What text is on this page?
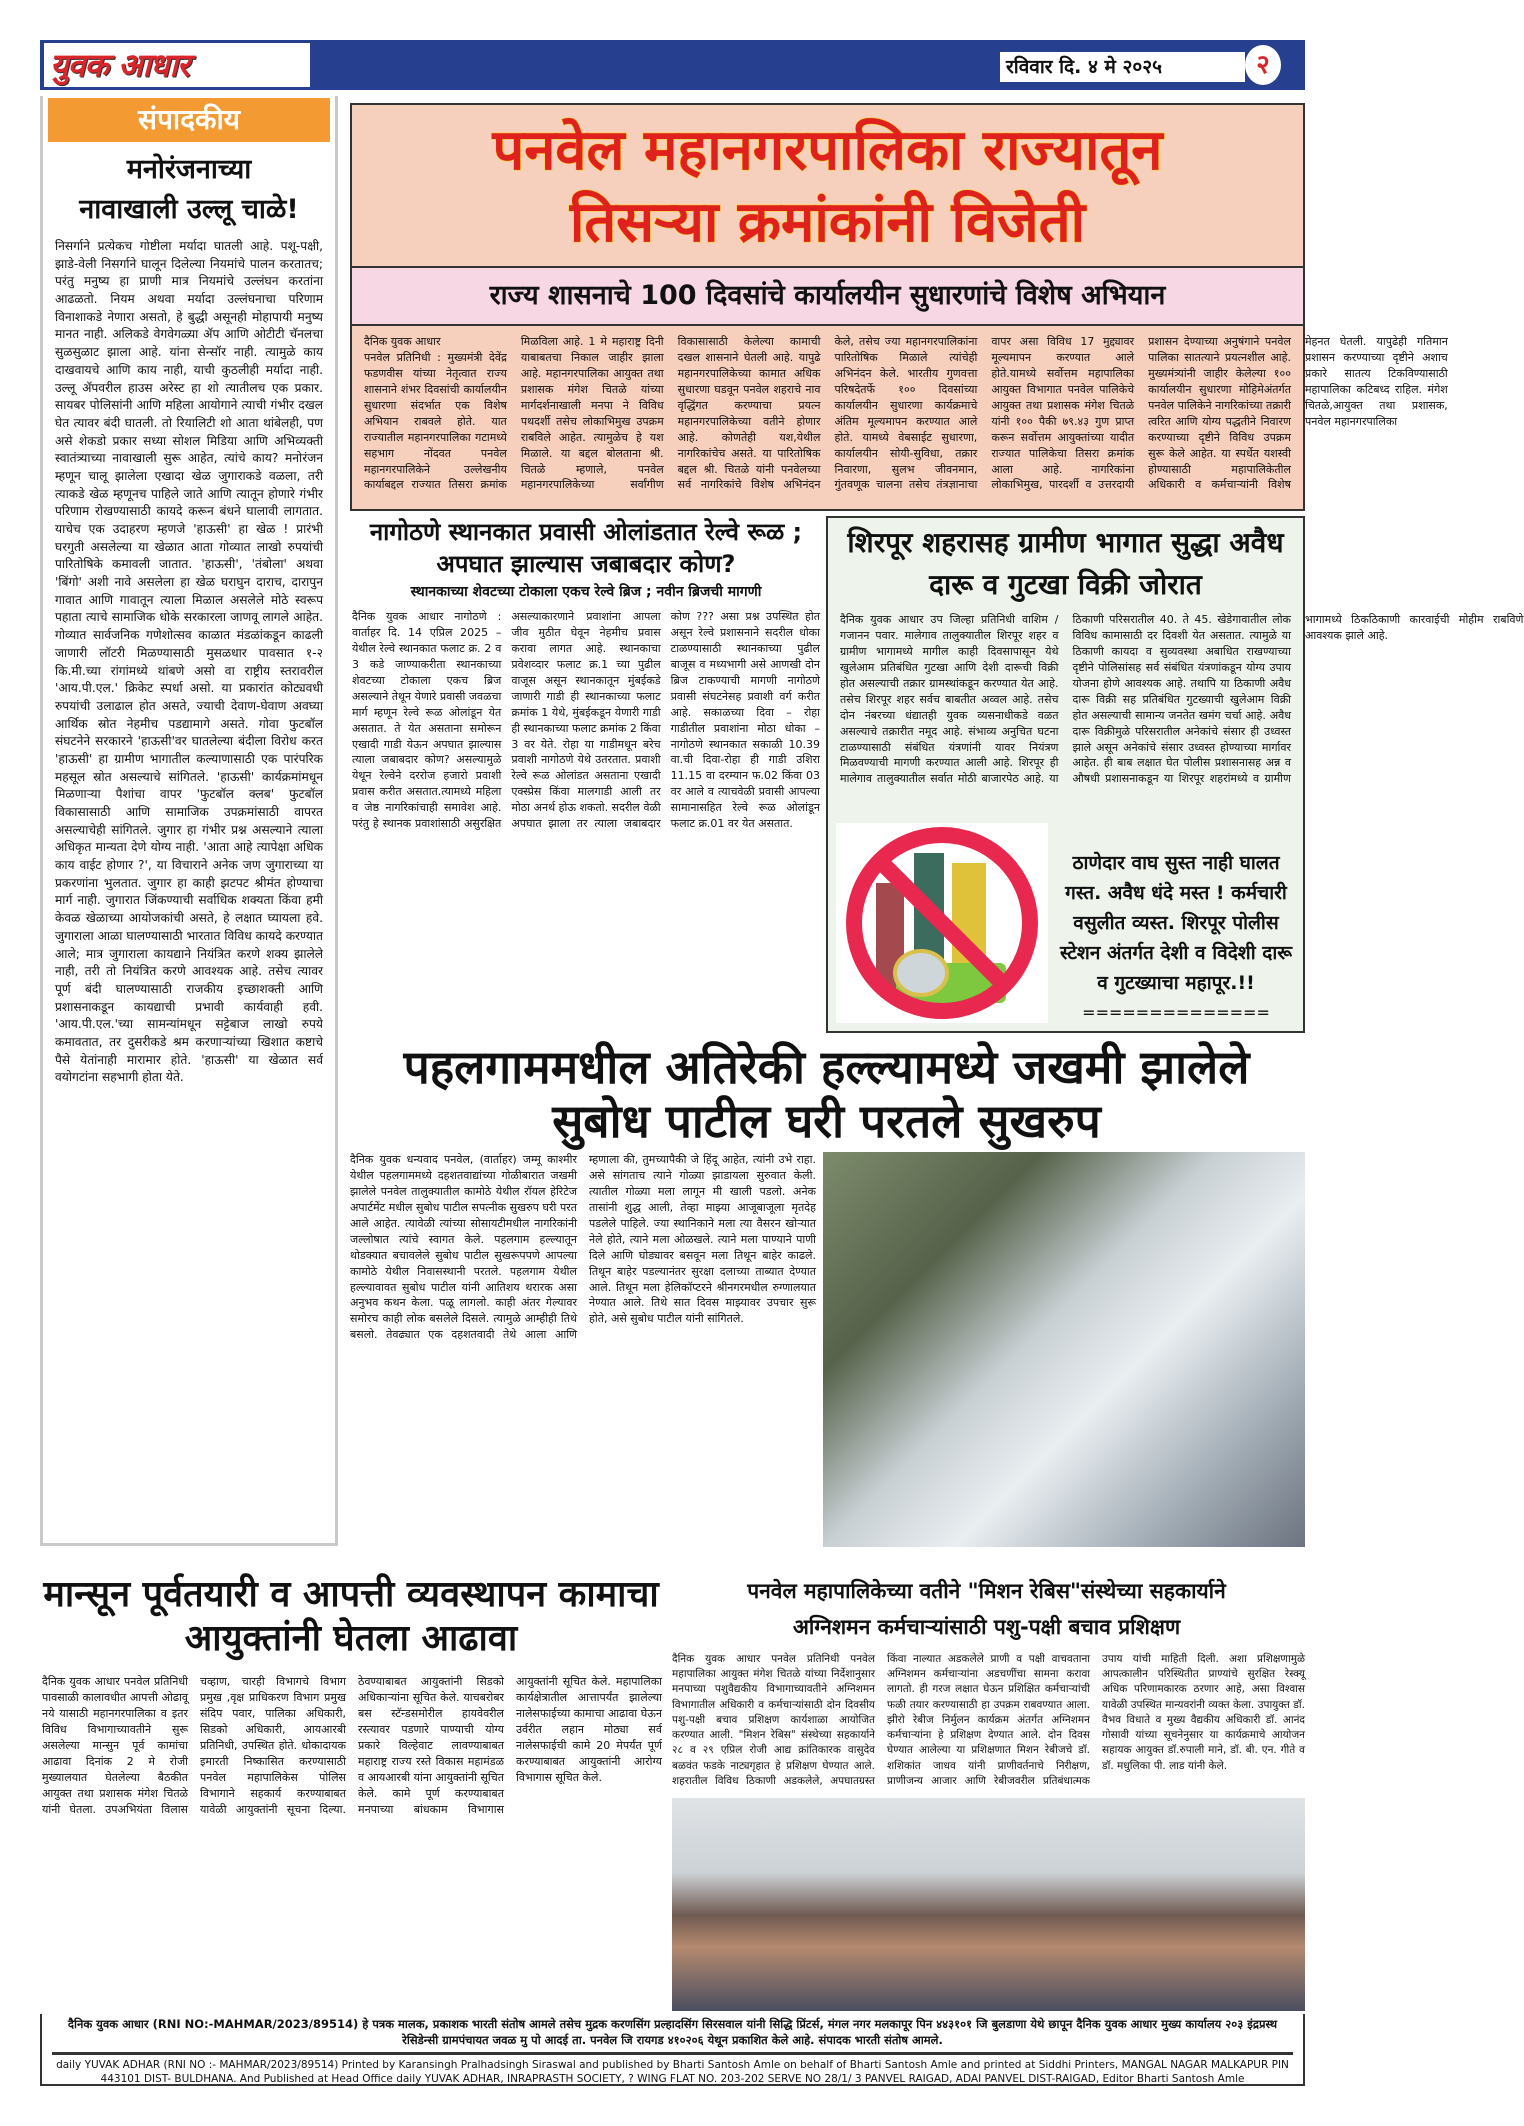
युवक आधार	रविवार दि. ४ मे २०२५	२
संपादकीय
मनोरंजनाच्या
नावाखाली उल्लू चाळे!
निसर्गाने प्रत्येकच गोष्टीला मर्यादा घातली आहे. पशू-पक्षी, झाडे-वेली निसर्गाने घालून दिलेल्या नियमांचे पालन करतातच; परंतु मनुष्य हा प्राणी मात्र नियमांचे उल्लंघन करतांना आढळतो. नियम अथवा मर्यादा उल्लंघनाचा परिणाम विनाशाकडे नेणारा असतो, हे बुद्धी असूनही मोहापायी मनुष्य मानत नाही. अलिकडे वेगवेगळ्या ॲप आणि ओटीटी चॅनलचा सुळसुळाट झाला आहे. यांना सेन्सॉर नाही. त्यामुळे काय दाखवायचे आणि काय नाही, याची कुठलीही मर्यादा नाही. उल्लू ॲपवरील हाउस अरेस्ट हा शो त्यातीलच एक प्रकार. सायबर पोलिसांनी आणि महिला आयोगाने त्याची गंभीर दखल घेत त्यावर बंदी घातली. तो रियालिटी शो आता थांबेलही, पण असे शेकडो प्रकार सध्या सोशल मिडिया आणि अभिव्यक्ती स्वातंत्र्याच्या नावाखाली सुरू आहेत, त्यांचे काय? मनोरंजन म्हणून चालू झालेला एखादा खेळ जुगाराकडे वळला, तरी त्याकडे खेळ म्हणूनच पाहिले जाते आणि त्यातून होणारे गंभीर परिणाम रोखण्यासाठी कायदे करून बंधने घालावी लागतात. याचेच एक उदाहरण म्हणजे 'हाऊसी' हा खेळ ! प्रारंभी घरगुती असलेल्या या खेळात आता गोव्यात लाखो रुपयांची पारितोषिके कमावली जातात. 'हाऊसी', 'तंबोला' अथवा 'बिंगो' अशी नावे असलेला हा खेळ घराघुन दाराच, दारापुन गावात आणि गावातून त्याला मिळाल असलेले मोठे स्वरूप पहाता त्याचे सामाजिक धोके सरकारला जाणवू लागले आहेत. गोव्यात सार्वजनिक गणेशोत्सव काळात मंडळांकडून काढली जाणारी लॉटरी मिळण्यासाठी मुसळधार पावसात १-२ कि.मी.च्या रांगांमध्ये थांबणे असो वा राष्ट्रीय स्तरावरील 'आय.पी.एल.' क्रिकेट स्पर्धा असो. या प्रकारांत कोट्यवधी रुपयांची उलाढाल होत असते, ज्याची देवाण-घेवाण अवघ्या आर्थिक स्रोत नेहमीच पडद्यामागे असते. गोवा फुटबॉल संघटनेने सरकारने 'हाऊसी'वर घातलेल्या बंदीला विरोध करत 'हाऊसी' हा ग्रामीण भागातील कल्याणासाठी एक पारंपरिक महसूल स्रोत असल्याचे सांगितले. 'हाऊसी' कार्यक्रमांमधून मिळणाऱ्या पैशांचा वापर 'फुटबॉल क्लब' फुटबॉल विकासासाठी आणि सामाजिक उपक्रमांसाठी वापरत असल्याचेही सांगितले. जुगार हा गंभीर प्रश्न असल्याने त्याला अधिकृत मान्यता देणे योग्य नाही. 'आता आहे त्यापेक्षा अधिक काय वाईट होणार ?', या विचाराने अनेक जण जुगाराच्या या प्रकरणांना भुलतात. जुगार हा काही झटपट श्रीमंत होण्याचा मार्ग नाही. जुगारात जिंकण्याची सर्वाधिक शक्यता किंवा हमी केवळ खेळाच्या आयोजकांची असते, हे लक्षात घ्यायला हवे. जुगाराला आळा घालण्यासाठी भारतात विविध कायदे करण्यात आले; मात्र जुगाराला कायद्याने नियंत्रित करणे शक्य झालेले नाही, तरी तो नियंत्रित करणे आवश्यक आहे. तसेच त्यावर पूर्ण बंदी घालण्यासाठी राजकीय इच्छाशक्ती आणि प्रशासनाकडून कायद्याची प्रभावी कार्यवाही हवी. 'आय.पी.एल.'च्या सामन्यांमधून सट्टेबाज लाखो रुपये कमावतात, तर दुसरीकडे श्रम करणाऱ्यांच्या खिशात कष्टाचे पैसे येतांनाही मारामार होते. 'हाऊसी' या खेळात सर्व वयोगटांना सहभागी होता येते.
पनवेल महानगरपालिका राज्यातून
तिसऱ्या क्रमांकांनी विजेती
राज्य शासनाचे 100 दिवसांचे कार्यालयीन सुधारणांचे विशेष अभियान
दैनिक युवक आधार
पनवेल प्रतिनिधी : मुख्यमंत्री देवेंद्र फडणवीस यांच्या नेतृत्वात राज्य शासनाने शंभर दिवसांची कार्यालयीन सुधारणा संदर्भात एक विशेष अभियान राबवले होते. यात राज्यातील महानगरपालिका गटामध्ये सहभाग नोंदवत पनवेल महानगरपालिकेने उल्लेखनीय कार्याबद्दल राज्यात तिसरा क्रमांक मिळविला आहे. 1 मे महाराष्ट्र दिनी याबाबतचा निकाल जाहीर झाला आहे. महानगरपालिका आयुक्त तथा प्रशासक मंगेश चितळे यांच्या मार्गदर्शनाखाली मनपा ने विविध पथदर्शी तसेच लोकाभिमुख उपक्रम राबविले आहेत. त्यामुळेच हे यश मिळाले. या बद्दल बोलताना श्री. चितळे म्हणाले, पनवेल महानगरपालिकेच्या सर्वांगीण विकासासाठी केलेल्या कामाची दखल शासनाने घेतली आहे. यापुढे महानगरपालिकेच्या कामात अधिक सुधारणा घडवून पनवेल शहराचे नाव वृद्धिंगत करण्याचा प्रयत्न महानगरपालिकेच्या वतीने होणार आहे. कोणतेही यश,येथील नागरिकांचेच असते. या पारितोषिक बद्दल श्री. चितळे यांनी पनवेलच्या सर्व नागरिकांचे विशेष अभिनंदन केले, तसेच ज्या महानगरपालिकांना पारितोषिक मिळाले त्यांचेही अभिनंदन केले. भारतीय गुणवत्ता परिषदेतर्फे १०० दिवसांच्या कार्यालयीन सुधारणा कार्यक्रमाचे अंतिम मूल्यमापन करण्यात आले होते. यामध्ये वेबसाईट सुधारणा, कार्यालयीन सोयी-सुविधा, तक्रार निवारणा, सुलभ जीवनमान, गुंतवणूक चालना तसेच तंत्रज्ञानाचा वापर असा विविध 17 मुद्द्यावर मूल्यमापन करण्यात आले होते.यामध्ये सर्वोत्तम महापालिका आयुक्त विभागात पनवेल पालिकेचे आयुक्त तथा प्रशासक मंगेश चितळे यांनी १०० पैकी ७९.४३ गुण प्राप्त करून सर्वोत्तम आयुक्तांच्या यादीत राज्यात पालिकेचा तिसरा क्रमांक आला आहे. नागरिकांना लोकाभिमुख, पारदर्शी व उत्तरदायी प्रशासन देण्याच्या अनुषंगाने पनवेल पालिका सातत्याने प्रयत्नशील आहे. मुख्यमंत्र्यांनी जाहीर केलेल्या १०० कार्यालयीन सुधारणा मोहिमेअंतर्गत पनवेल पालिकेने नागरिकांच्या तक्रारी त्वरित आणि योग्य पद्धतीने निवारण करण्याच्या दृष्टीने विविध उपक्रम सुरू केले आहेत. या स्पर्धेत यशस्वी होण्यासाठी महापालिकेतील अधिकारी व कर्मचाऱ्यांनी विशेष मेहनत घेतली. यापुढेही गतिमान प्रशासन करण्याच्या दृष्टीने अशाच प्रकारे सातत्य टिकविण्यासाठी महापालिका कटिबध्द राहिल. मंगेश चितळे,आयुक्त तथा प्रशासक, पनवेल महानगरपालिका
नागोठणे स्थानकात प्रवासी ओलांडतात रेल्वे रूळ ; अपघात झाल्यास जबाबदार कोण?
स्थानकाच्या शेवटच्या टोकाला एकच रेल्वे ब्रिज ; नवीन ब्रिजची मागणी
दैनिक युवक आधार नागोठणे : वार्ताहर दि. 14 एप्रिल 2025 – येथील रेल्वे स्थानकात फलाट क्र. 2 व 3 कडे जाण्याकरीता स्थानकाच्या शेवटच्या टोकाला एकच ब्रिज असल्याने तेथून येणारे प्रवासी जवळचा मार्ग म्हणून रेल्वे रूळ ओलांडून येत असतात. ते येत असताना समोरून एखादी गाडी येऊन अपघात झाल्यास त्याला जबाबदार कोण? असल्यामुळे येथून रेल्वेने दररोज हजारो प्रवाशी प्रवास करीत असतात.त्यामध्ये महिला व जेष्ठ नागरिकांचाही समावेश आहे. परंतु हे स्थानक प्रवाशांसाठी असुरक्षित असल्याकारणाने प्रवाशांना आपला जीव मुठीत घेवून नेहमीच प्रवास करावा लागत आहे. स्थानकाचा प्रवेशव्दार फलाट क्र.1 च्या पुढील वाजूस असून स्थानकातून मुंबईकडे जाणारी गाडी ही स्थानकाच्या फलाट क्रमांक 1 येथे, मुंबईकडून येणारी गाडी ही स्थानकाच्या फलाट क्रमांक 2 किंवा 3 वर येते. रोहा या गाडीमधून बरेच प्रवाशी नागोठणे येथे उतरतात. प्रवाशी रेल्वे रूळ ओलांडत असताना एखादी एक्स्प्रेस किंवा मालगाडी आली तर मोठा अनर्थ होऊ शकतो. सदरील वेळी अपघात झाला तर त्याला जबाबदार कोण ??? असा प्रश्न उपस्थित होत असून रेल्वे प्रशासनाने सदरील धोका टाळण्यासाठी स्थानकाच्या पुढील बाजूस व मध्यभागी असे आणखी दोन ब्रिज टाकण्याची मागणी नागोठणे प्रवासी संघटनेसह प्रवाशी वर्ग करीत आहे. सकाळच्या दिवा – रोहा गाडीतील प्रवाशांना मोठा धोका – नागोठणे स्थानकात सकाळी 10.39 वा.ची दिवा-रोहा ही गाडी उशिरा 11.15 वा दरम्यान फ.02 किंवा 03 वर आले व त्याचवेळी प्रवासी आपल्या सामानासहित रेल्वे रूळ ओलांडून फलाट क्र.01 वर येत असतात.
शिरपूर शहरासह ग्रामीण भागात सुद्धा अवैध दारू व गुटखा विक्री जोरात
दैनिक युवक आधार उप जिल्हा प्रतिनिधी वाशिम / गजानन पवार. मालेगाव तालुक्यातील शिरपूर शहर व ग्रामीण भागामध्ये मागील काही दिवसापासून येथे खुलेआम प्रतिबंधित गुटखा आणि देशी दारूची विक्री होत असल्याची तक्रार ग्रामस्थांकडून करण्यात येत आहे. तसेच शिरपूर शहर सर्वच बाबतीत अव्वल आहे. तसेच दोन नंबरच्या धंद्यातही युवक व्यसनाधीकडे वळत असल्याचे तक्रारीत नमूद आहे. संभाव्य अनुचित घटना टाळण्यासाठी संबंधित यंत्रणांनी यावर नियंत्रण मिळवण्याची मागणी करण्यात आली आहे. शिरपूर ही मालेगाव तालुक्यातील सर्वात मोठी बाजारपेठ आहे. या ठिकाणी परिसरातील 40. ते 45. खेडेगावातील लोक विविध कामासाठी दर दिवशी येत असतात. त्यामुळे या ठिकाणी कायदा व सुव्यवस्था अबाधित राखण्याच्या दृष्टीने पोलिसांसह सर्व संबंधित यंत्रणांकडून योग्य उपाय योजना होणे आवश्यक आहे. तथापि या ठिकाणी अवैध दारू विक्री सह प्रतिबंधित गुटख्याची खुलेआम विक्री होत असल्याची सामान्य जनतेत खमंग चर्चा आहे. अवैध दारू विक्रीमुळे परिसरातील अनेकांचे संसार ही उध्वस्त झाले असून अनेकांचे संसार उध्वस्त होण्याच्या मार्गावर आहेत. ही बाब लक्षात घेत पोलीस प्रशासनासह अन्न व औषधी प्रशासनाकडून या शिरपूर शहरांमध्ये व ग्रामीण भागामध्ये ठिकठिकाणी कारवाईची मोहीम राबविणे आवश्यक झाले आहे.
ठाणेदार वाघ सुस्त नाही घालत गस्त. अवैध धंदे मस्त ! कर्मचारी वसुलीत व्यस्त. शिरपूर पोलीस स्टेशन अंतर्गत देशी व विदेशी दारू व गुटख्याचा महापूर.!!
==============
पहलगाममधील अतिरेकी हल्ल्यामध्ये जखमी झालेले सुबोध पाटील घरी परतले सुखरुप
दैनिक युवक धन्यवाद पनवेल, (वार्ताहर) जम्मू काश्मीर येथील पहलगाममध्ये दहशतवाद्यांच्या गोळीबारात जखमी झालेले पनवेल तालुक्यातील कामोठे येथील रॉयल हेरिटेज अपार्टमेंट मधील सुबोध पाटील सपत्नीक सुखरुप घरी परत आले आहेत. त्यावेळी त्यांच्या सोसायटीमधील नागरिकांनी जल्लोषात त्यांचे स्वागत केले. पहलगाम हल्ल्यातून थोडक्यात बचावलेले सुबोध पाटील सुखरूपपणे आपल्या कामोठे येथील निवासस्थानी परतले. पहलगाम येथील हल्ल्यावावत सुबोध पाटील यांनी आतिशय थरारक असा अनुभव कथन केला. पळू लागलो. काही अंतर गेल्यावर समोरच काही लोक बसलेले दिसले. त्यामुळे आम्हीही तिथे बसलो. तेवढ्यात एक दहशतवादी तेथे आला आणि म्हणाला की, तुमच्यापैकी जे हिंदू आहेत, त्यांनी उभे राहा. असे सांगताच त्याने गोळ्या झाडायला सुरुवात केली. त्यातील गोळ्या मला लागून मी खाली पडलो. अनेक तासांनी शुद्ध आली, तेव्हा माझ्या आजूबाजूला मृतदेह पडलेले पाहिले. ज्या स्थानिकाने मला त्या वैसरन खोऱ्यात नेले होते, त्याने मला ओळखले. त्याने मला पाण्याने पाणी दिले आणि घोड्यावर बसवून मला तिथून बाहेर काढले. तिथून बाहेर पडल्यानंतर सुरक्षा दलाच्या ताब्यात देण्यात आले. तिथून मला हेलिकॉप्टरने श्रीनगरमधील रुग्णालयात नेण्यात आले. तिथे सात दिवस माझ्यावर उपचार सुरू होते, असे सुबोध पाटील यांनी सांगितले.
मान्सून पूर्वतयारी व आपत्ती व्यवस्थापन कामाचा आयुक्तांनी घेतला आढावा
दैनिक युवक आधार पनवेल प्रतिनिधी पावसाळी कालावधीत आपत्ती ओढावू नये यासाठी महानगरपालिका व इतर विविध विभागाच्यावतीने सुरू असलेल्या मान्सुन पूर्व कामांचा आढावा दिनांक 2 मे रोजी मुख्यालयात घेतलेल्या बैठकीत आयुक्त तथा प्रशासक मंगेश चितळे यांनी घेतला. उपअभियंता विलास चव्हाण, चारही विभागचे विभाग प्रमुख ,वृक्ष प्राधिकरण विभाग प्रमुख संदिप पवार, पालिका अधिकारी, सिडको अधिकारी, आयआरबी प्रतिनिधी, उपस्थित होते. धोकादायक इमारती निष्कासित करण्यासाठी पनवेल महापालिकेस पोलिस विभागाने सहकार्य करण्याबाबत यावेळी आयुक्तांनी सूचना दिल्या. ठेवण्याबाबत आयुक्तांनी सिडको अधिकाऱ्यांना सूचित केले. याचबरोबर बस स्टॅन्डसमोरील हायवेवरील रस्त्यावर पडणारे पाण्याची योग्य प्रकारे विल्हेवाट लावण्याबाबत महाराष्ट्र राज्य रस्ते विकास महामंडळ व आयआरबी यांना आयुक्तांनी सूचित केले. कामे पूर्ण करण्याबाबत मनपाच्या बांधकाम विभागास आयुक्तांनी सूचित केले. महापालिका कार्यक्षेत्रातील आत्तापर्यंत झालेल्या नालेसफाईच्या कामाचा आढावा घेऊन उर्वरीत लहान मोठ्या सर्व नालेसफाईची कामे 20 मेपर्यंत पूर्ण करण्याबाबत आयुक्तांनी आरोग्य विभागास सूचित केले.
पनवेल महापालिकेच्या वतीने "मिशन रेबिस"संस्थेच्या सहकार्याने
अग्निशमन कर्मचाऱ्यांसाठी पशु-पक्षी बचाव प्रशिक्षण
दैनिक युवक आधार पनवेल प्रतिनिधी पनवेल महापालिका आयुक्त मंगेश चितळे यांच्या निर्देशानुसार मनपाच्या पशुवैद्यकीय विभागाच्यावतीने अग्निशमन विभागातील अधिकारी व कर्मचाऱ्यांसाठी दोन दिवसीय पशु-पक्षी बचाव प्रशिक्षण कार्यशाळा आयोजित करण्यात आली. "मिशन रेबिस" संस्थेच्या सहकार्याने २८ व २९ एप्रिल रोजी आद्य क्रांतिकारक वासुदेव बळवंत फडके नाट्यगृहात हे प्रशिक्षण घेण्यात आले. शहरातील विविध ठिकाणी अडकलेले, अपघातग्रस्त किंवा नाल्यात अडकलेले प्राणी व पक्षी वाचवताना अग्निशमन कर्मचाऱ्यांना अडचणींचा सामना करावा लागतो. ही गरज लक्षात घेऊन प्रशिक्षित कर्मचाऱ्यांची फळी तयार करण्यासाठी हा उपक्रम राबवण्यात आला. झीरो रेबीज निर्मुलन कार्यक्रम अंतर्गत अग्निशमन कर्मचाऱ्यांना हे प्रशिक्षण देण्यात आले. दोन दिवस घेण्यात आलेल्या या प्रशिक्षणात मिशन रेबीजचे डॉ. शशिकांत जाधव यांनी प्राणीवर्तनाचे निरीक्षण, प्राणीजन्य आजार आणि रेबीजवरील प्रतिबंधात्मक उपाय यांची माहिती दिली. अशा प्रशिक्षणामुळे आपत्कालीन परिस्थितीत प्राण्यांचे सुरक्षित रेस्क्यू अधिक परिणामकारक ठरणार आहे, असा विश्वास यावेळी उपस्थित मान्यवरांनी व्यक्त केला. उपायुक्त डॉ. वैभव विधाते व मुख्य वैद्यकीय अधिकारी डॉ. आनंद गोसावी यांच्या सूचनेनुसार या कार्यक्रमाचे आयोजन सहायक आयुक्त डॉ.रुपाली माने, डॉ. बी. एन. गीते व डॉ. मधुलिका पी. लाड यांनी केले.
दैनिक युवक आधार (RNI NO:-MAHMAR/2023/89514) हे पत्रक मालक, प्रकाशक भारती संतोष आमले तसेच मुद्रक करणसिंग प्रल्हादसिंग सिरसवाल यांनी सिद्धि प्रिंटर्स, मंगल नगर मलकापूर पिन ४४३१०१ जि बुलडाणा येथे छापून दैनिक युवक आधार मुख्य कार्यालय २०३ इंद्रप्रस्थ रेसिडेन्सी ग्रामपंचायत जवळ मु पो आदई ता. पनवेल जि रायगड ४१०२०६ येथून प्रकाशित केले आहे. संपादक भारती संतोष आमले.
daily YUVAK ADHAR (RNI NO :- MAHMAR/2023/89514) Printed by Karansingh Pralhadsingh Siraswal and published by Bharti Santosh Amle on behalf of Bharti Santosh Amle and printed at Siddhi Printers, MANGAL NAGAR MALKAPUR PIN 443101 DIST- BULDHANA. And Published at Head Office daily YUVAK ADHAR, INRAPRASTH SOCIETY, ? WING FLAT NO. 203-202 SERVE NO 28/1/ 3 PANVEL RAIGAD, ADAI PANVEL DIST-RAIGAD, Editor Bharti Santosh Amle
